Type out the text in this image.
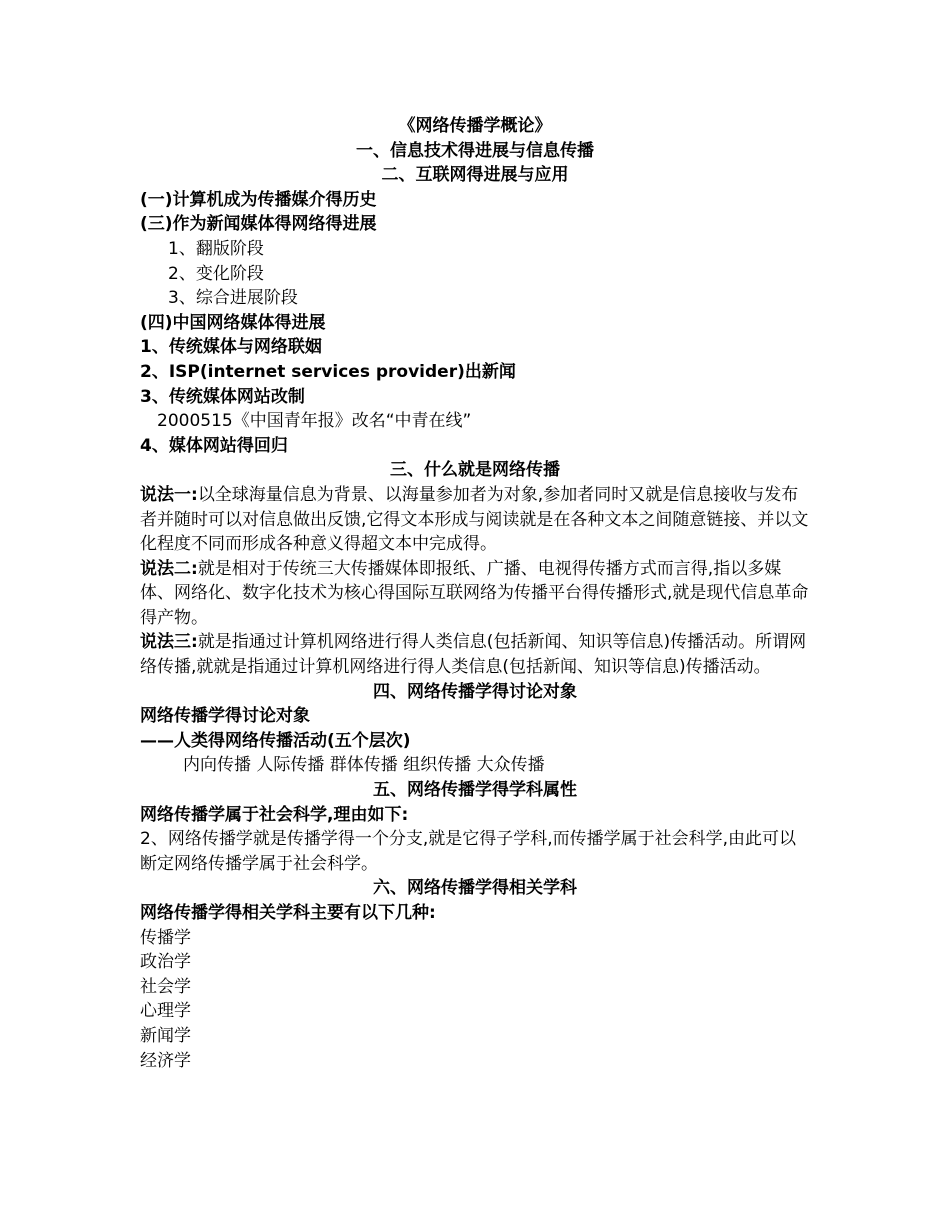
《网络传播学概论》
一、信息技术得进展与信息传播
二、互联网得进展与应用
(一)计算机成为传播媒介得历史
(三)作为新闻媒体得网络得进展
1、翻版阶段
2、变化阶段
3、综合进展阶段
(四)中国网络媒体得进展
1、传统媒体与网络联姻
2、ISP(internet services provider)出新闻
3、传统媒体网站改制
2000515《中国青年报》改名“中青在线”
4、媒体网站得回归
三、什么就是网络传播
说法一:以全球海量信息为背景、以海量参加者为对象,参加者同时又就是信息接收与发布者并随时可以对信息做出反馈,它得文本形成与阅读就是在各种文本之间随意链接、并以文化程度不同而形成各种意义得超文本中完成得。
说法二:就是相对于传统三大传播媒体即报纸、广播、电视得传播方式而言得,指以多媒体、网络化、数字化技术为核心得国际互联网络为传播平台得传播形式,就是现代信息革命得产物。
说法三:就是指通过计算机网络进行得人类信息(包括新闻、知识等信息)传播活动。所谓网络传播,就就是指通过计算机网络进行得人类信息(包括新闻、知识等信息)传播活动。
四、网络传播学得讨论对象
网络传播学得讨论对象
——人类得网络传播活动(五个层次)
内向传播 人际传播 群体传播 组织传播 大众传播
五、网络传播学得学科属性
网络传播学属于社会科学,理由如下:
2、网络传播学就是传播学得一个分支,就是它得子学科,而传播学属于社会科学,由此可以断定网络传播学属于社会科学。
六、网络传播学得相关学科
网络传播学得相关学科主要有以下几种:
传播学
政治学
社会学
心理学
新闻学
经济学
